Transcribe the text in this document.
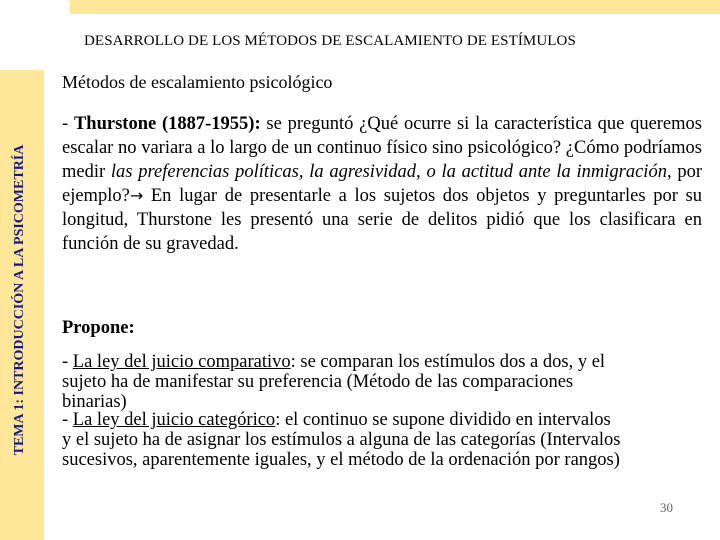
DESARROLLO DE LOS MÉTODOS DE ESCALAMIENTO DE ESTÍMULOS
TEMA 1: INTRODUCCIÓN A LA PSICOMETRÍA

Métodos de escalamiento psicológico

- Thurstone (1887-1955): se preguntó ¿Qué ocurre si la característica que queremos escalar no variara a lo largo de un continuo físico sino psicológico? ¿Cómo podríamos medir las preferencias políticas, la agresividad, o la actitud ante la inmigración, por ejemplo?→ En lugar de presentarle a los sujetos dos objetos y preguntarles por su longitud, Thurstone les presentó una serie de delitos pidió que los clasificara en función de su gravedad.

Propone:

- La ley del juicio comparativo: se comparan los estímulos dos a dos, y el
sujeto ha de manifestar su preferencia (Método de las comparaciones
binarias)

- La ley del juicio categórico: el continuo se supone dividido en intervalos
y el sujeto ha de asignar los estímulos a alguna de las categorías (Intervalos
sucesivos, aparentemente iguales, y el método de la ordenación por rangos)

30
